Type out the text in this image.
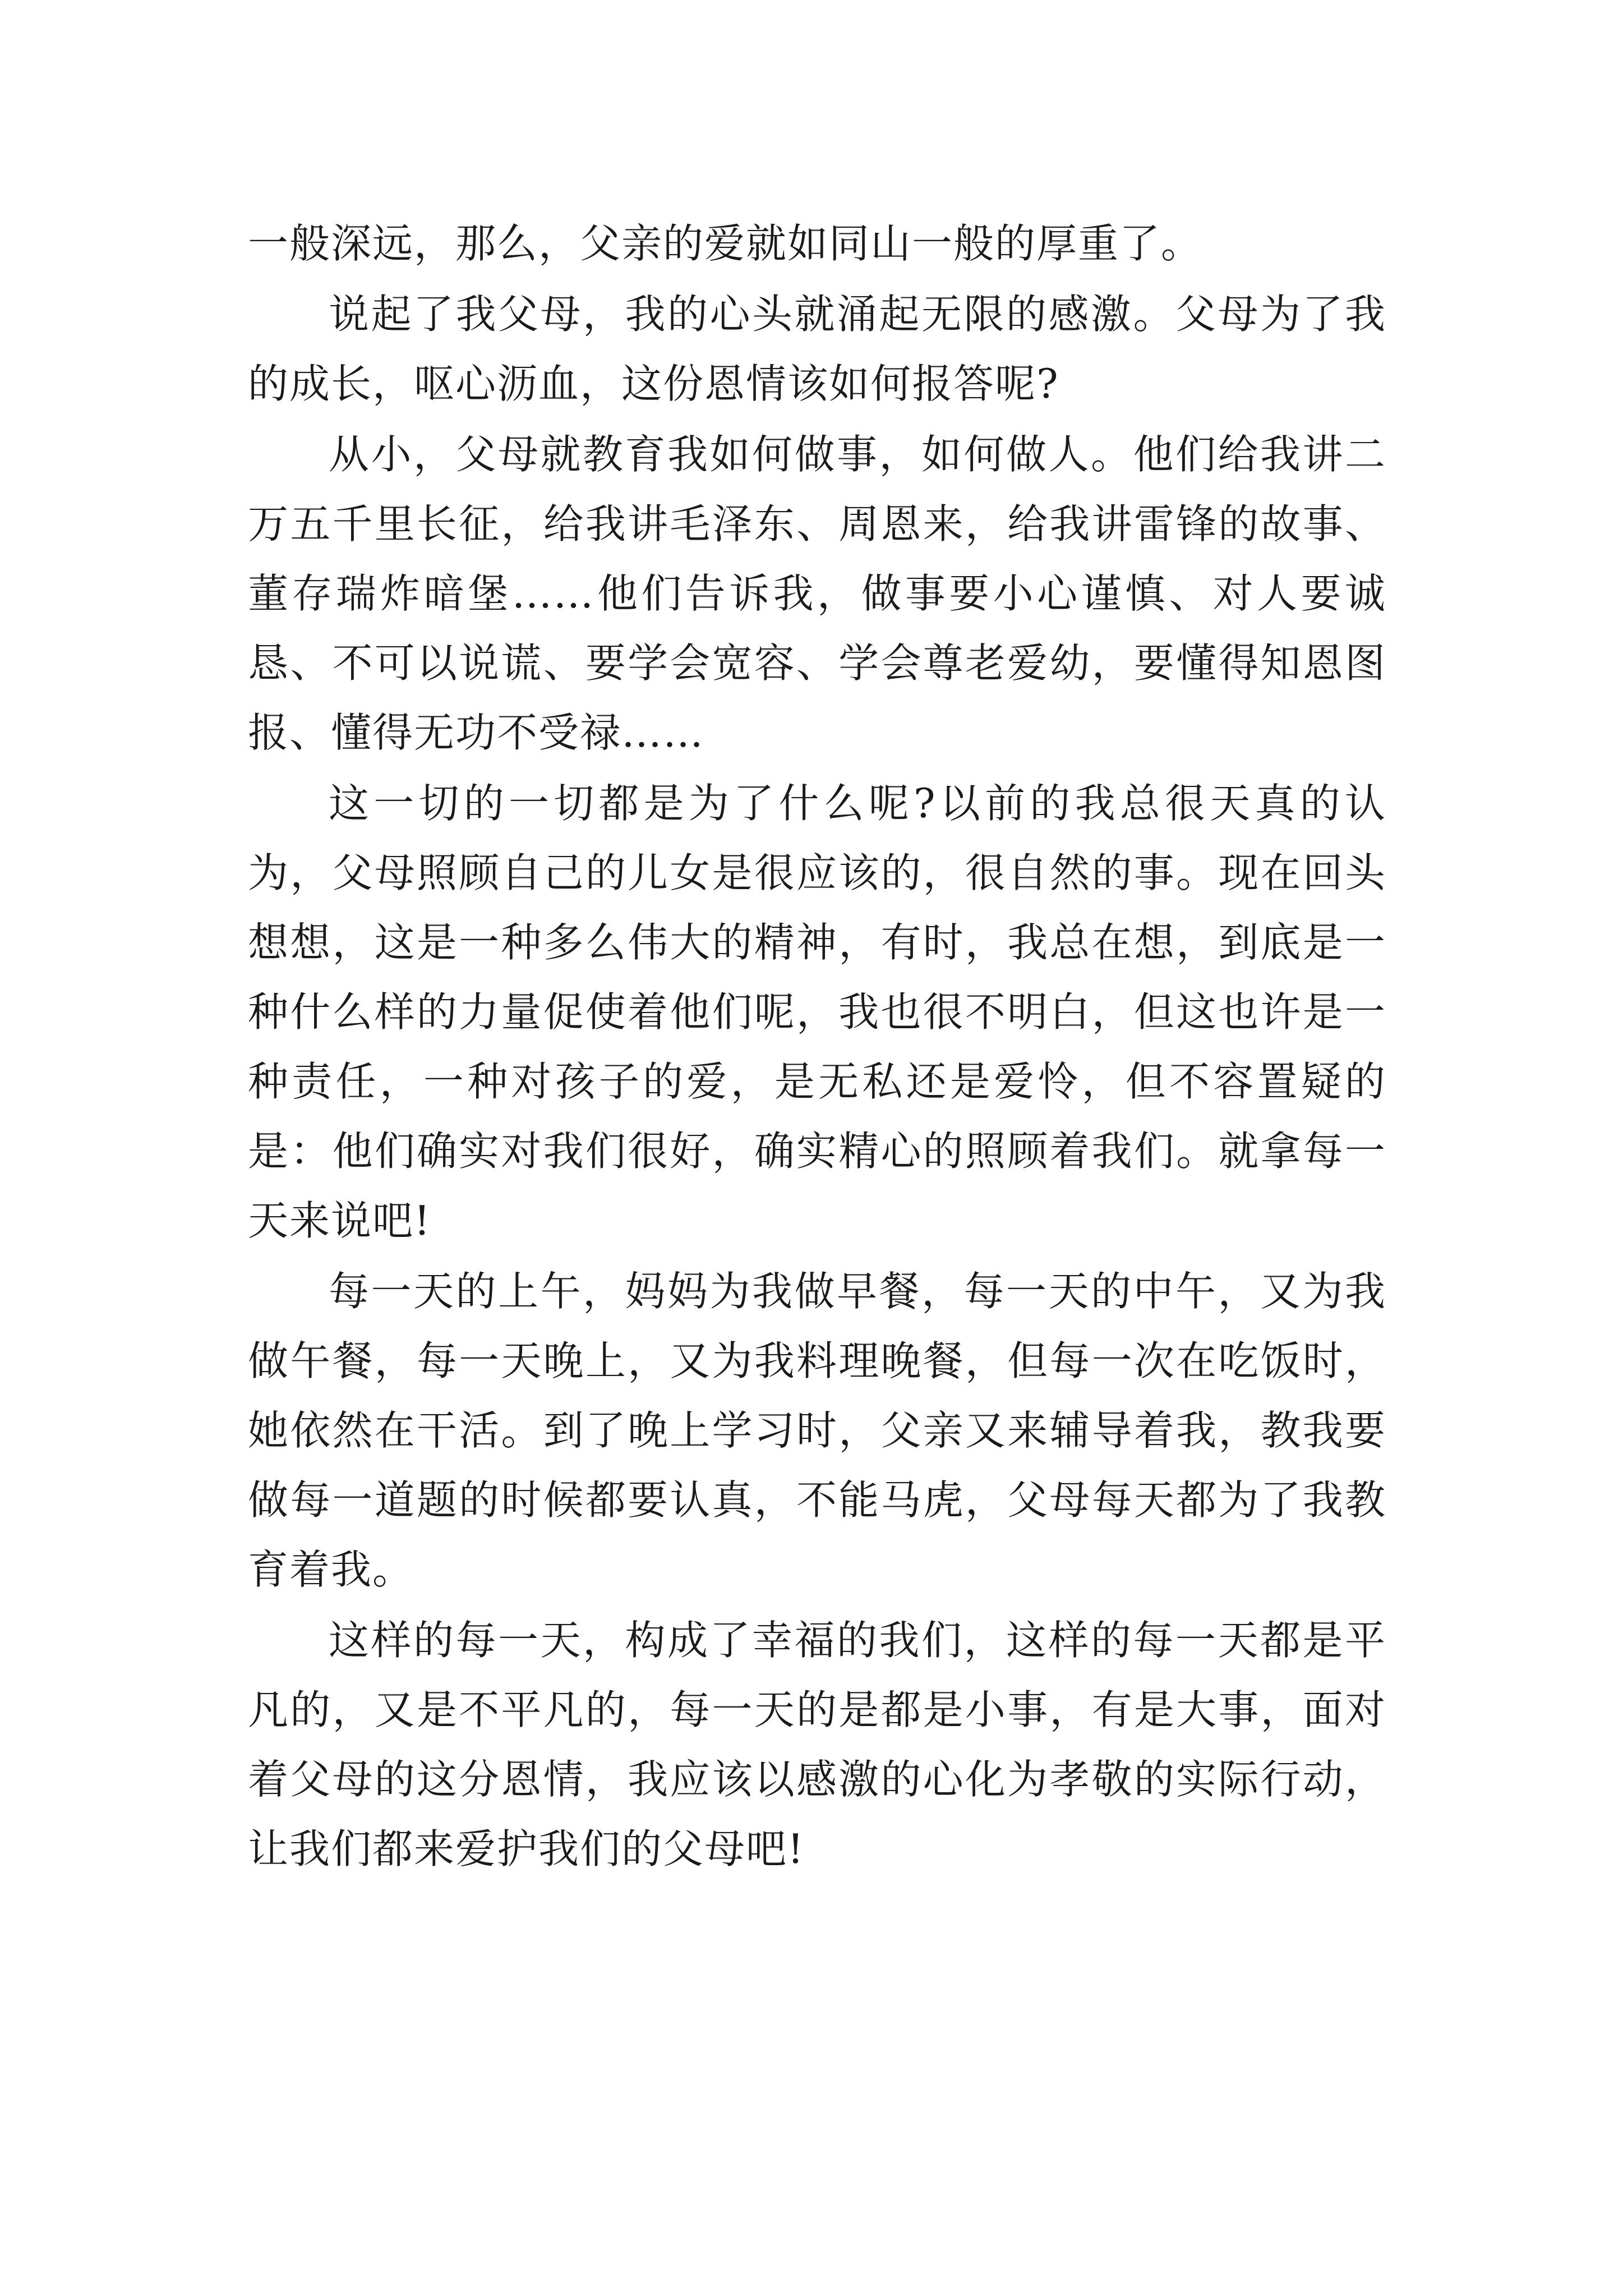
一般深远，那么，父亲的爱就如同山一般的厚重了。

说起了我父母，我的心头就涌起无限的感激。父母为了我的成长，呕心沥血，这份恩情该如何报答呢?

从小，父母就教育我如何做事，如何做人。他们给我讲二万五千里长征，给我讲毛泽东、周恩来，给我讲雷锋的故事、董存瑞炸暗堡……他们告诉我，做事要小心谨慎、对人要诚恳、不可以说谎、要学会宽容、学会尊老爱幼，要懂得知恩图报、懂得无功不受禄……

这一切的一切都是为了什么呢?以前的我总很天真的认为，父母照顾自己的儿女是很应该的，很自然的事。现在回头想想，这是一种多么伟大的精神，有时，我总在想，到底是一种什么样的力量促使着他们呢，我也很不明白，但这也许是一种责任，一种对孩子的爱，是无私还是爱怜，但不容置疑的是：他们确实对我们很好，确实精心的照顾着我们。就拿每一天来说吧!

每一天的上午，妈妈为我做早餐，每一天的中午，又为我做午餐，每一天晚上，又为我料理晚餐，但每一次在吃饭时，她依然在干活。到了晚上学习时，父亲又来辅导着我，教我要做每一道题的时候都要认真，不能马虎，父母每天都为了我教育着我。

这样的每一天，构成了幸福的我们，这样的每一天都是平凡的，又是不平凡的，每一天的是都是小事，有是大事，面对着父母的这分恩情，我应该以感激的心化为孝敬的实际行动，让我们都来爱护我们的父母吧!
